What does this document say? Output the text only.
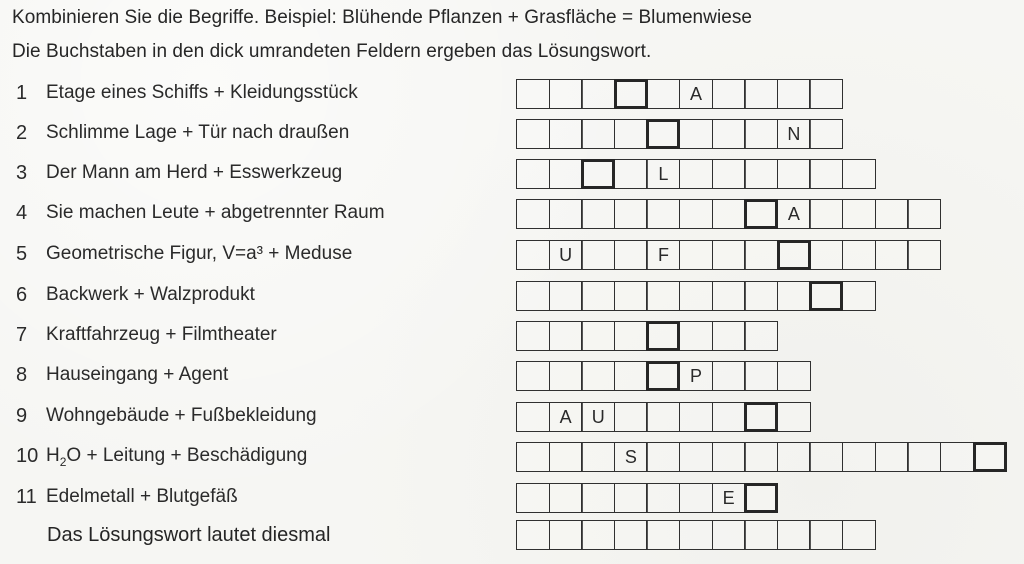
Kombinieren Sie die Begriffe. Beispiel: Blühende Pflanzen + Grasfläche = Blumenwiese
Die Buchstaben in den dick umrandeten Feldern ergeben das Lösungswort.
1 Etage eines Schiffs + Kleidungsstück	A
2 Schlimme Lage + Tür nach draußen	N
3 Der Mann am Herd + Esswerkzeug	L
4 Sie machen Leute + abgetrennter Raum	A
5 Geometrische Figur, V=a³ + Meduse	U	F
6 Backwerk + Walzprodukt
7 Kraftfahrzeug + Filmtheater
8 Hauseingang + Agent	P
9 Wohngebäude + Fußbekleidung	A	U
10 $H_2O$ + Leitung + Beschädigung	S
11 Edelmetall + Blutgefäß	E
Das Lösungswort lautet diesmal
